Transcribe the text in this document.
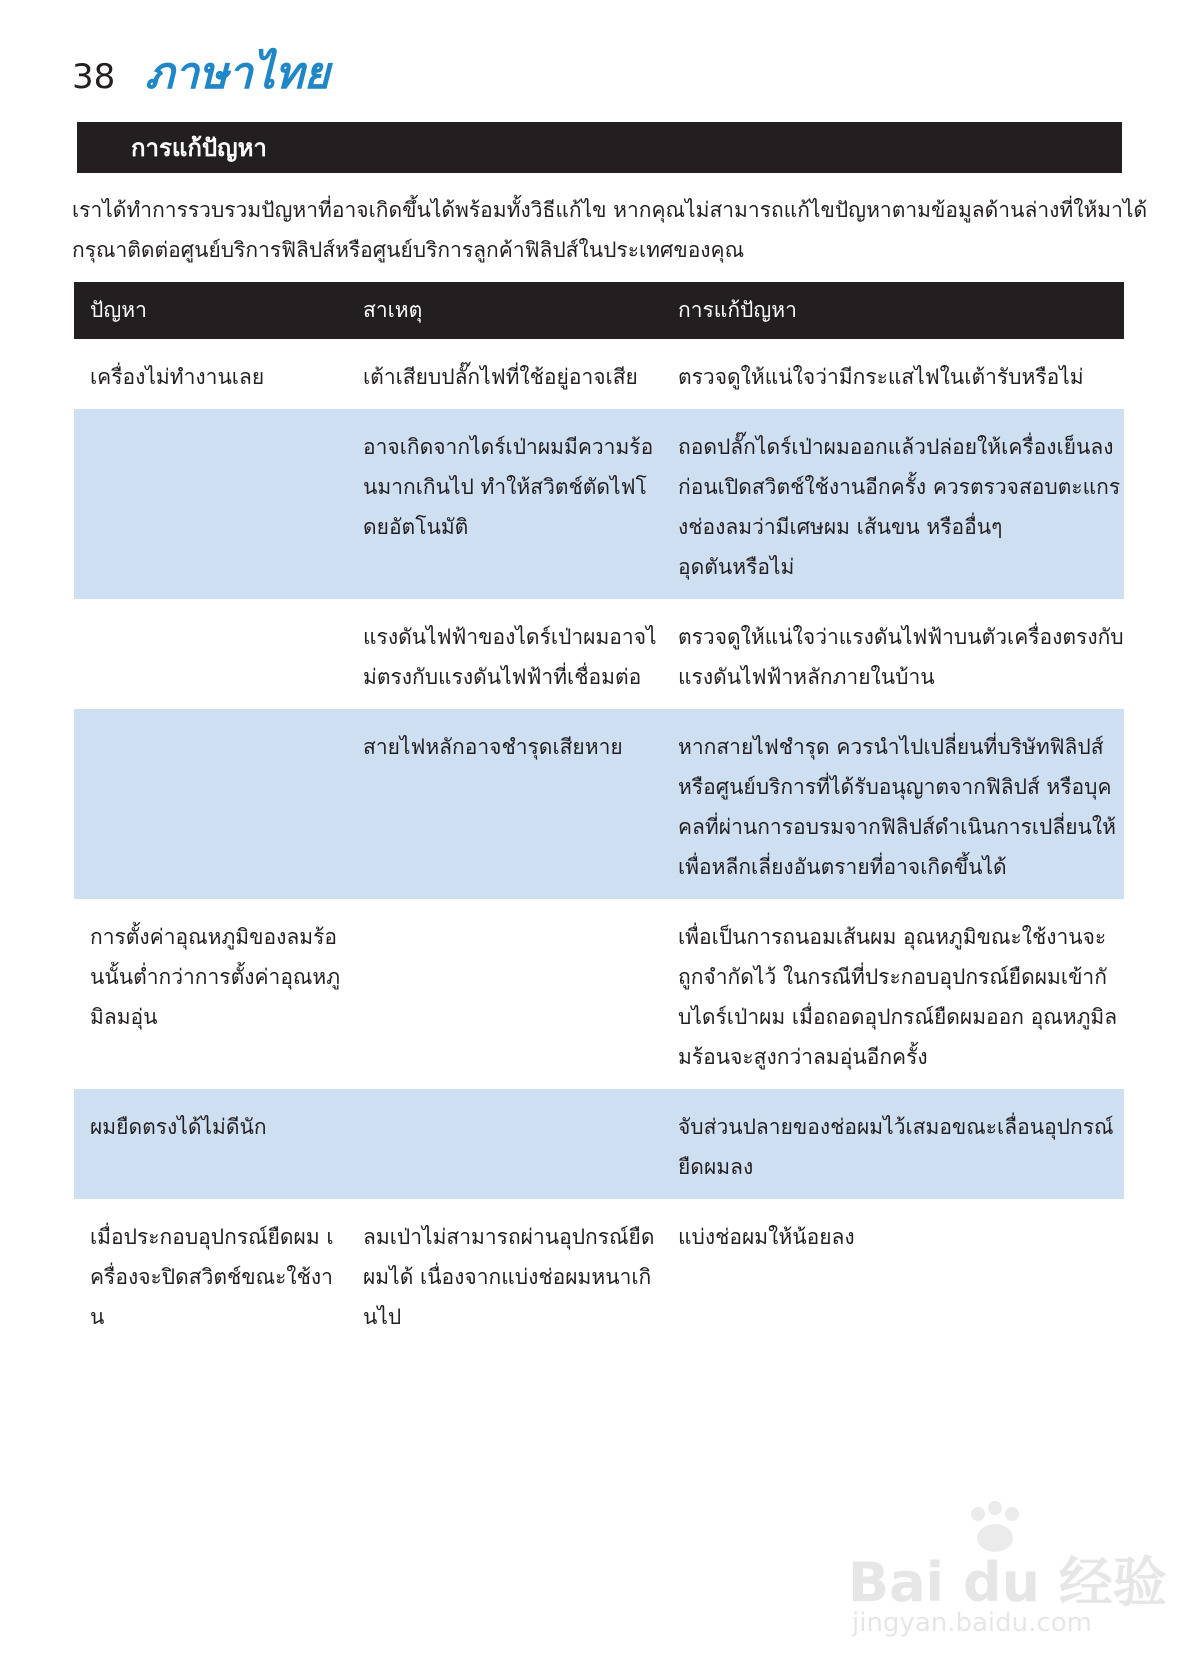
38 ภาษาไทย
การแก้ปัญหา

เราได้ทำการรวบรวมปัญหาที่อาจเกิดขึ้นได้พร้อมทั้งวิธีแก้ไข หากคุณไม่สามารถแก้ไขปัญหาตามข้อมูลด้านล่างที่ให้มาได้

กรุณาติดต่อศูนย์บริการฟิลิปส์หรือศูนย์บริการลูกค้าฟิลิปส์ในประเทศของคุณ

ปัญหา	สาเหตุ	การแก้ปัญหา

เครื่องไม่ทำงานเลย	เต้าเสียบปลั๊กไฟที่ใช้อยู่อาจเสีย	ตรวจดูให้แน่ใจว่ามีกระแสไฟในเต้ารับหรือไม่

	อาจเกิดจากไดร์เป่าผมมีความร้อ
นมากเกินไป ทำให้สวิตช์ตัดไฟโ
ดยอัตโนมัติ	ถอดปลั๊กไดร์เป่าผมออกแล้วปล่อยให้เครื่องเย็นลง
ก่อนเปิดสวิตช์ใช้งานอีกครั้ง ควรตรวจสอบตะแกร
งช่องลมว่ามีเศษผม เส้นขน หรืออื่นๆ
อุดตันหรือไม่

	แรงดันไฟฟ้าของไดร์เป่าผมอาจไ
ม่ตรงกับแรงดันไฟฟ้าที่เชื่อมต่อ	ตรวจดูให้แน่ใจว่าแรงดันไฟฟ้าบนตัวเครื่องตรงกับ
แรงดันไฟฟ้าหลักภายในบ้าน

	สายไฟหลักอาจชำรุดเสียหาย	หากสายไฟชำรุด ควรนำไปเปลี่ยนที่บริษัทฟิลิปส์
หรือศูนย์บริการที่ได้รับอนุญาตจากฟิลิปส์ หรือบุค
คลที่ผ่านการอบรมจากฟิลิปส์ดำเนินการเปลี่ยนให้
เพื่อหลีกเลี่ยงอันตรายที่อาจเกิดขึ้นได้

การตั้งค่าอุณหภูมิของลมร้อ
นนั้นต่ำกว่าการตั้งค่าอุณหภู
มิลมอุ่น		เพื่อเป็นการถนอมเส้นผม อุณหภูมิขณะใช้งานจะ
ถูกจำกัดไว้ ในกรณีที่ประกอบอุปกรณ์ยืดผมเข้ากั
บไดร์เป่าผม เมื่อถอดอุปกรณ์ยืดผมออก อุณหภูมิล
มร้อนจะสูงกว่าลมอุ่นอีกครั้ง

ผมยืดตรงได้ไม่ดีนัก		จับส่วนปลายของช่อผมไว้เสมอขณะเลื่อนอุปกรณ์
ยืดผมลง

เมื่อประกอบอุปกรณ์ยืดผม เ
ครื่องจะปิดสวิตช์ขณะใช้งา
น	ลมเป่าไม่สามารถผ่านอุปกรณ์ยืด
ผมได้ เนื่องจากแบ่งช่อผมหนาเกิ
นไป	แบ่งช่อผมให้น้อยลง
Bai du 经验
jingyan.baidu.com
